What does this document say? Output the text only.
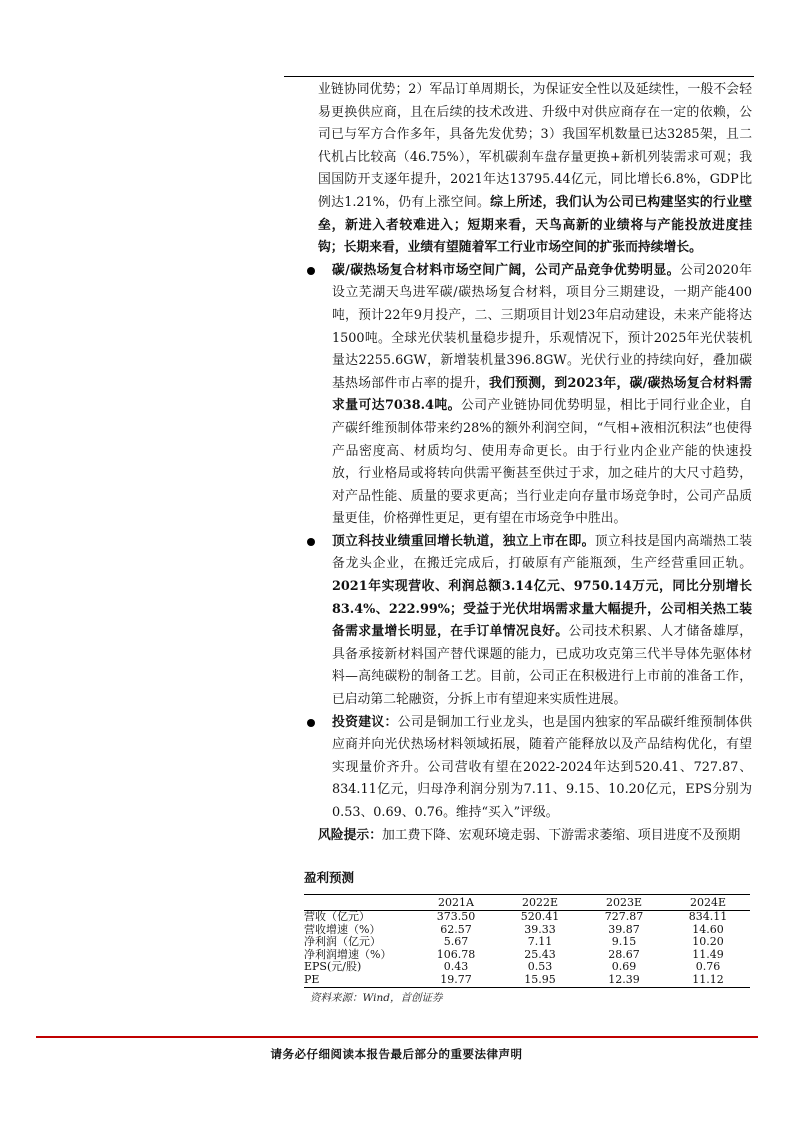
业链协同优势；2）军品订单周期长，为保证安全性以及延续性，一般不会轻易更换供应商，且在后续的技术改进、升级中对供应商存在一定的依赖，公司已与军方合作多年，具备先发优势；3）我国军机数量已达3285架，且二代机占比较高（46.75%），军机碳刹车盘存量更换+新机列装需求可观；我国国防开支逐年提升，2021年达13795.44亿元，同比增长6.8%，GDP比例达1.21%，仍有上涨空间。综上所述，我们认为公司已构建坚实的行业壁垒，新进入者较难进入；短期来看，天鸟高新的业绩将与产能投放进度挂钩；长期来看，业绩有望随着军工行业市场空间的扩张而持续增长。

碳/碳热场复合材料市场空间广阔，公司产品竞争优势明显。公司2020年设立芜湖天鸟进军碳/碳热场复合材料，项目分三期建设，一期产能400吨，预计22年9月投产，二、三期项目计划23年启动建设，未来产能将达1500吨。全球光伏装机量稳步提升，乐观情况下，预计2025年光伏装机量达2255.6GW，新增装机量396.8GW。光伏行业的持续向好，叠加碳基热场部件市占率的提升，我们预测，到2023年，碳/碳热场复合材料需求量可达7038.4吨。公司产业链协同优势明显，相比于同行业企业，自产碳纤维预制体带来约28%的额外利润空间，“气相+液相沉积法”也使得产品密度高、材质均匀、使用寿命更长。由于行业内企业产能的快速投放，行业格局或将转向供需平衡甚至供过于求，加之硅片的大尺寸趋势，对产品性能、质量的要求更高；当行业走向存量市场竞争时，公司产品质量更佳，价格弹性更足，更有望在市场竞争中胜出。

顶立科技业绩重回增长轨道，独立上市在即。顶立科技是国内高端热工装备龙头企业，在搬迁完成后，打破原有产能瓶颈，生产经营重回正轨。2021年实现营收、利润总额3.14亿元、9750.14万元，同比分别增长83.4%、222.99%；受益于光伏坩埚需求量大幅提升，公司相关热工装备需求量增长明显，在手订单情况良好。公司技术积累、人才储备雄厚，具备承接新材料国产替代课题的能力，已成功攻克第三代半导体先驱体材料—高纯碳粉的制备工艺。目前，公司正在积极进行上市前的准备工作，已启动第二轮融资，分拆上市有望迎来实质性进展。

投资建议：公司是铜加工行业龙头，也是国内独家的军品碳纤维预制体供应商并向光伏热场材料领域拓展，随着产能释放以及产品结构优化，有望实现量价齐升。公司营收有望在2022-2024年达到520.41、727.87、834.11亿元，归母净利润分别为7.11、9.15、10.20亿元，EPS分别为0.53、0.69、0.76。维持“买入”评级。

风险提示：加工费下降、宏观环境走弱、下游需求萎缩、项目进度不及预期

盈利预测
	2021A	2022E	2023E	2024E
营收（亿元）	373.50	520.41	727.87	834.11
营收增速（%）	62.57	39.33	39.87	14.60
净利润（亿元）	5.67	7.11	9.15	10.20
净利润增速（%）	106.78	25.43	28.67	11.49
EPS(元/股)	0.43	0.53	0.69	0.76
PE	19.77	15.95	12.39	11.12
资料来源：Wind，首创证券
请务必仔细阅读本报告最后部分的重要法律声明
